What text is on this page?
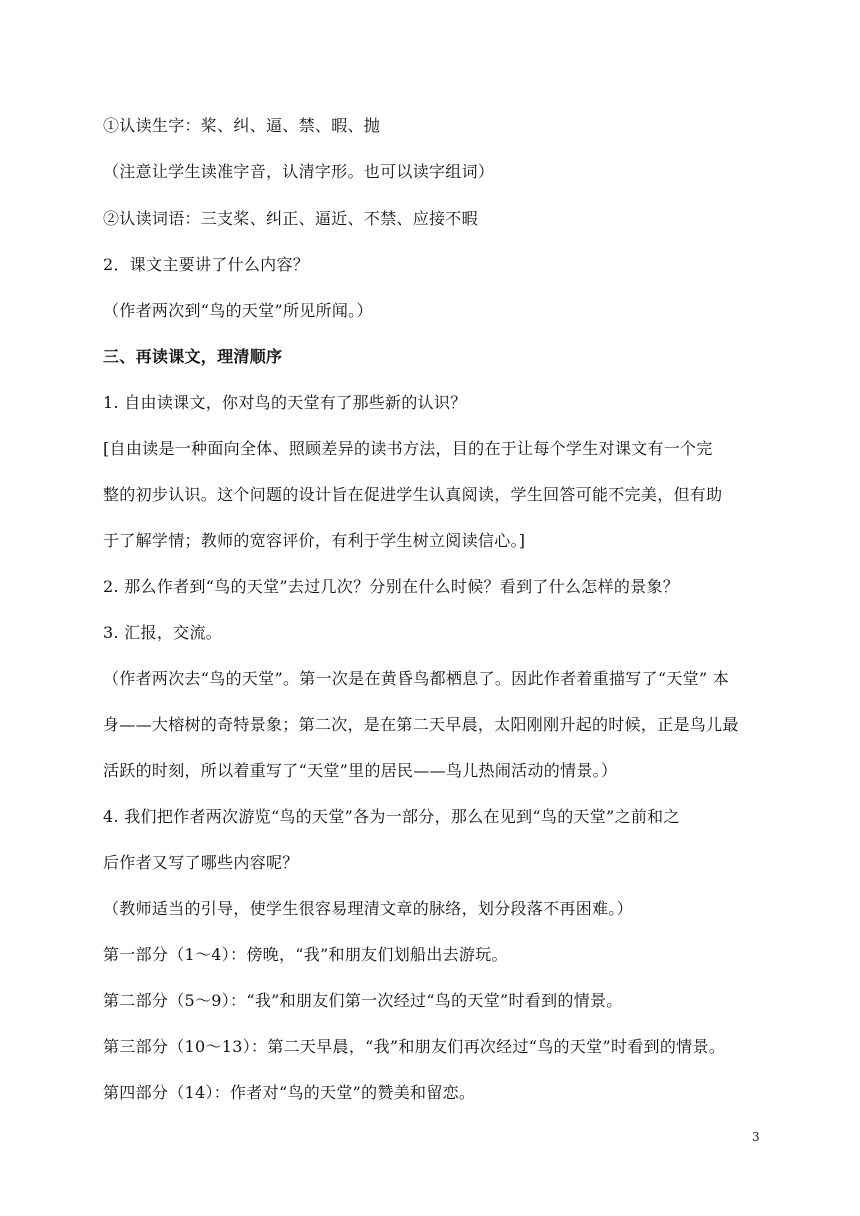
①认读生字：桨、纠、逼、禁、暇、抛
（注意让学生读准字音，认清字形。也可以读字组词）
②认读词语：三支桨、纠正、逼近、不禁、应接不暇
2．课文主要讲了什么内容？
（作者两次到“鸟的天堂”所见所闻。）
三、再读课文，理清顺序
1. 自由读课文，你对鸟的天堂有了那些新的认识？
[自由读是一种面向全体、照顾差异的读书方法，目的在于让每个学生对课文有一个完
整的初步认识。这个问题的设计旨在促进学生认真阅读，学生回答可能不完美，但有助
于了解学情；教师的宽容评价，有利于学生树立阅读信心。]
2. 那么作者到“鸟的天堂”去过几次？分别在什么时候？看到了什么怎样的景象？
3. 汇报，交流。
（作者两次去“鸟的天堂”。第一次是在黄昏鸟都栖息了。因此作者着重描写了“天堂” 本
身——大榕树的奇特景象；第二次，是在第二天早晨，太阳刚刚升起的时候，正是鸟儿最
活跃的时刻，所以着重写了“天堂”里的居民——鸟儿热闹活动的情景。）
4. 我们把作者两次游览“鸟的天堂”各为一部分，那么在见到“鸟的天堂”之前和之
后作者又写了哪些内容呢？
（教师适当的引导，使学生很容易理清文章的脉络，划分段落不再困难。）
第一部分（1～4）：傍晚，“我”和朋友们划船出去游玩。
第二部分（5～9）：“我”和朋友们第一次经过“鸟的天堂”时看到的情景。
第三部分（10～13）：第二天早晨，“我”和朋友们再次经过“鸟的天堂”时看到的情景。
第四部分（14）：作者对“鸟的天堂”的赞美和留恋。
3
